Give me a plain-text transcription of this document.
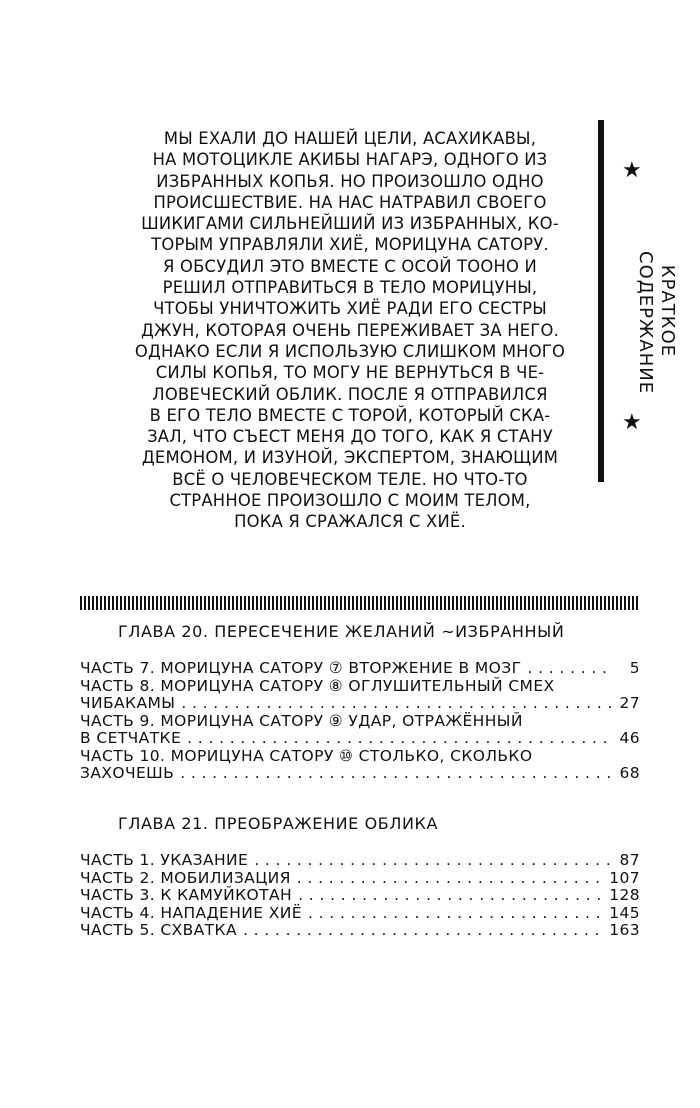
МЫ ЕХАЛИ ДО НАШЕЙ ЦЕЛИ, АСАХИКАВЫ,
НА МОТОЦИКЛЕ АКИБЫ НАГАРЭ, ОДНОГО ИЗ
ИЗБРАННЫХ КОПЬЯ. НО ПРОИЗОШЛО ОДНО
ПРОИСШЕСТВИЕ. НА НАС НАТРАВИЛ СВОЕГО
ШИКИГАМИ СИЛЬНЕЙШИЙ ИЗ ИЗБРАННЫХ, КО-
ТОРЫМ УПРАВЛЯЛИ ХИЁ, МОРИЦУНА САТОРУ.
Я ОБСУДИЛ ЭТО ВМЕСТЕ С ОСОЙ ТООНО И
РЕШИЛ ОТПРАВИТЬСЯ В ТЕЛО МОРИЦУНЫ,
ЧТОБЫ УНИЧТОЖИТЬ ХИЁ РАДИ ЕГО СЕСТРЫ
ДЖУН, КОТОРАЯ ОЧЕНЬ ПЕРЕЖИВАЕТ ЗА НЕГО.
ОДНАКО ЕСЛИ Я ИСПОЛЬЗУЮ СЛИШКОМ МНОГО
СИЛЫ КОПЬЯ, ТО МОГУ НЕ ВЕРНУТЬСЯ В ЧЕ-
ЛОВЕЧЕСКИЙ ОБЛИК. ПОСЛЕ Я ОТПРАВИЛСЯ
В ЕГО ТЕЛО ВМЕСТЕ С ТОРОЙ, КОТОРЫЙ СКА-
ЗАЛ, ЧТО СЪЕСТ МЕНЯ ДО ТОГО, КАК Я СТАНУ
ДЕМОНОМ, И ИЗУНОЙ, ЭКСПЕРТОМ, ЗНАЮЩИМ
ВСЁ О ЧЕЛОВЕЧЕСКОМ ТЕЛЕ. НО ЧТО-ТО
СТРАННОЕ ПРОИЗОШЛО С МОИМ ТЕЛОМ,
ПОКА Я СРАЖАЛСЯ С ХИЁ.
★
★
КРАТКОЕ
СОДЕРЖАНИЕ
ГЛАВА 20. ПЕРЕСЕЧЕНИЕ ЖЕЛАНИЙ ~ИЗБРАННЫЙ
ЧАСТЬ 7. МОРИЦУНА САТОРУ ⑦ ВТОРЖЕНИЕ В МОЗГ . . .	5
ЧАСТЬ 8. МОРИЦУНА САТОРУ ⑧ ОГЛУШИТЕЛЬНЫЙ СМЕХ
ЧИБАКАМЫ . . .	27
ЧАСТЬ 9. МОРИЦУНА САТОРУ ⑨ УДАР, ОТРАЖЁННЫЙ
В СЕТЧАТКЕ . . .	46
ЧАСТЬ 10. МОРИЦУНА САТОРУ ⑩ СТОЛЬКО, СКОЛЬКО
ЗАХОЧЕШЬ . . .	68
ГЛАВА 21. ПРЕОБРАЖЕНИЕ ОБЛИКА
ЧАСТЬ 1. УКАЗАНИЕ . . .	87
ЧАСТЬ 2. МОБИЛИЗАЦИЯ . . .	107
ЧАСТЬ 3. К КАМУЙКОТАН . . .	128
ЧАСТЬ 4. НАПАДЕНИЕ ХИЁ . . .	145
ЧАСТЬ 5. СХВАТКА . . .	163
